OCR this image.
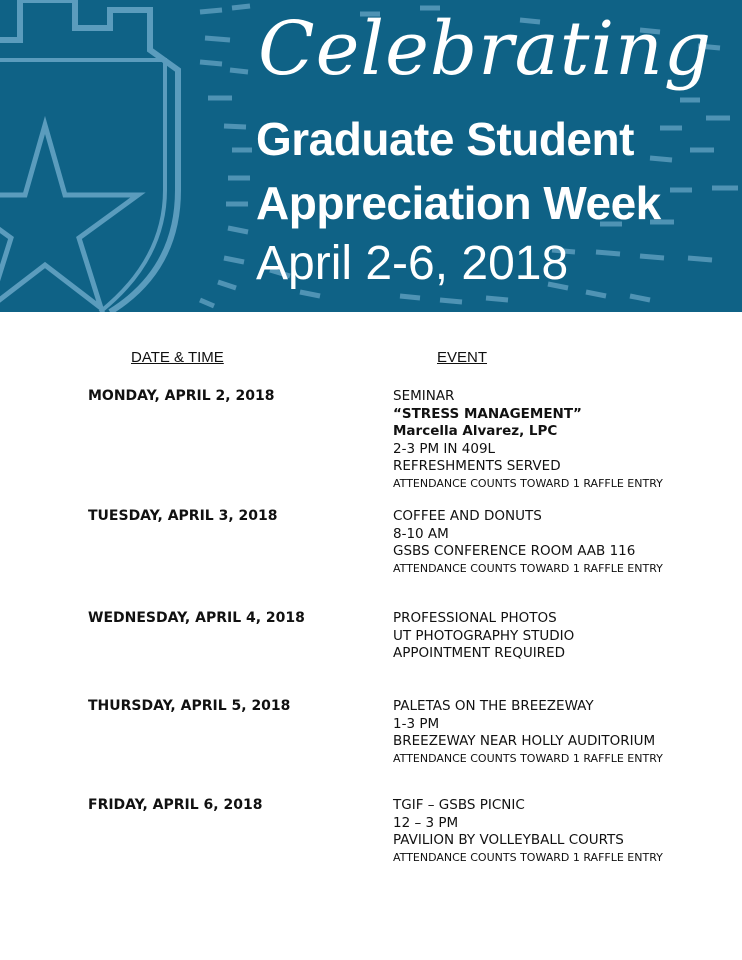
Celebrating
Graduate Student
Appreciation Week
April 2-6, 2018
DATE & TIME	EVENT
MONDAY, APRIL 2, 2018	SEMINAR
“STRESS MANAGEMENT”
Marcella Alvarez, LPC
2-3 PM IN 409L
REFRESHMENTS SERVED
ATTENDANCE COUNTS TOWARD 1 RAFFLE ENTRY
TUESDAY, APRIL 3, 2018	COFFEE AND DONUTS
8-10 AM
GSBS CONFERENCE ROOM AAB 116
ATTENDANCE COUNTS TOWARD 1 RAFFLE ENTRY
WEDNESDAY, APRIL 4, 2018	PROFESSIONAL PHOTOS
UT PHOTOGRAPHY STUDIO
APPOINTMENT REQUIRED
THURSDAY, APRIL 5, 2018	PALETAS ON THE BREEZEWAY
1-3 PM
BREEZEWAY NEAR HOLLY AUDITORIUM
ATTENDANCE COUNTS TOWARD 1 RAFFLE ENTRY
FRIDAY, APRIL 6, 2018	TGIF – GSBS PICNIC
12 – 3 PM
PAVILION BY VOLLEYBALL COURTS
ATTENDANCE COUNTS TOWARD 1 RAFFLE ENTRY
